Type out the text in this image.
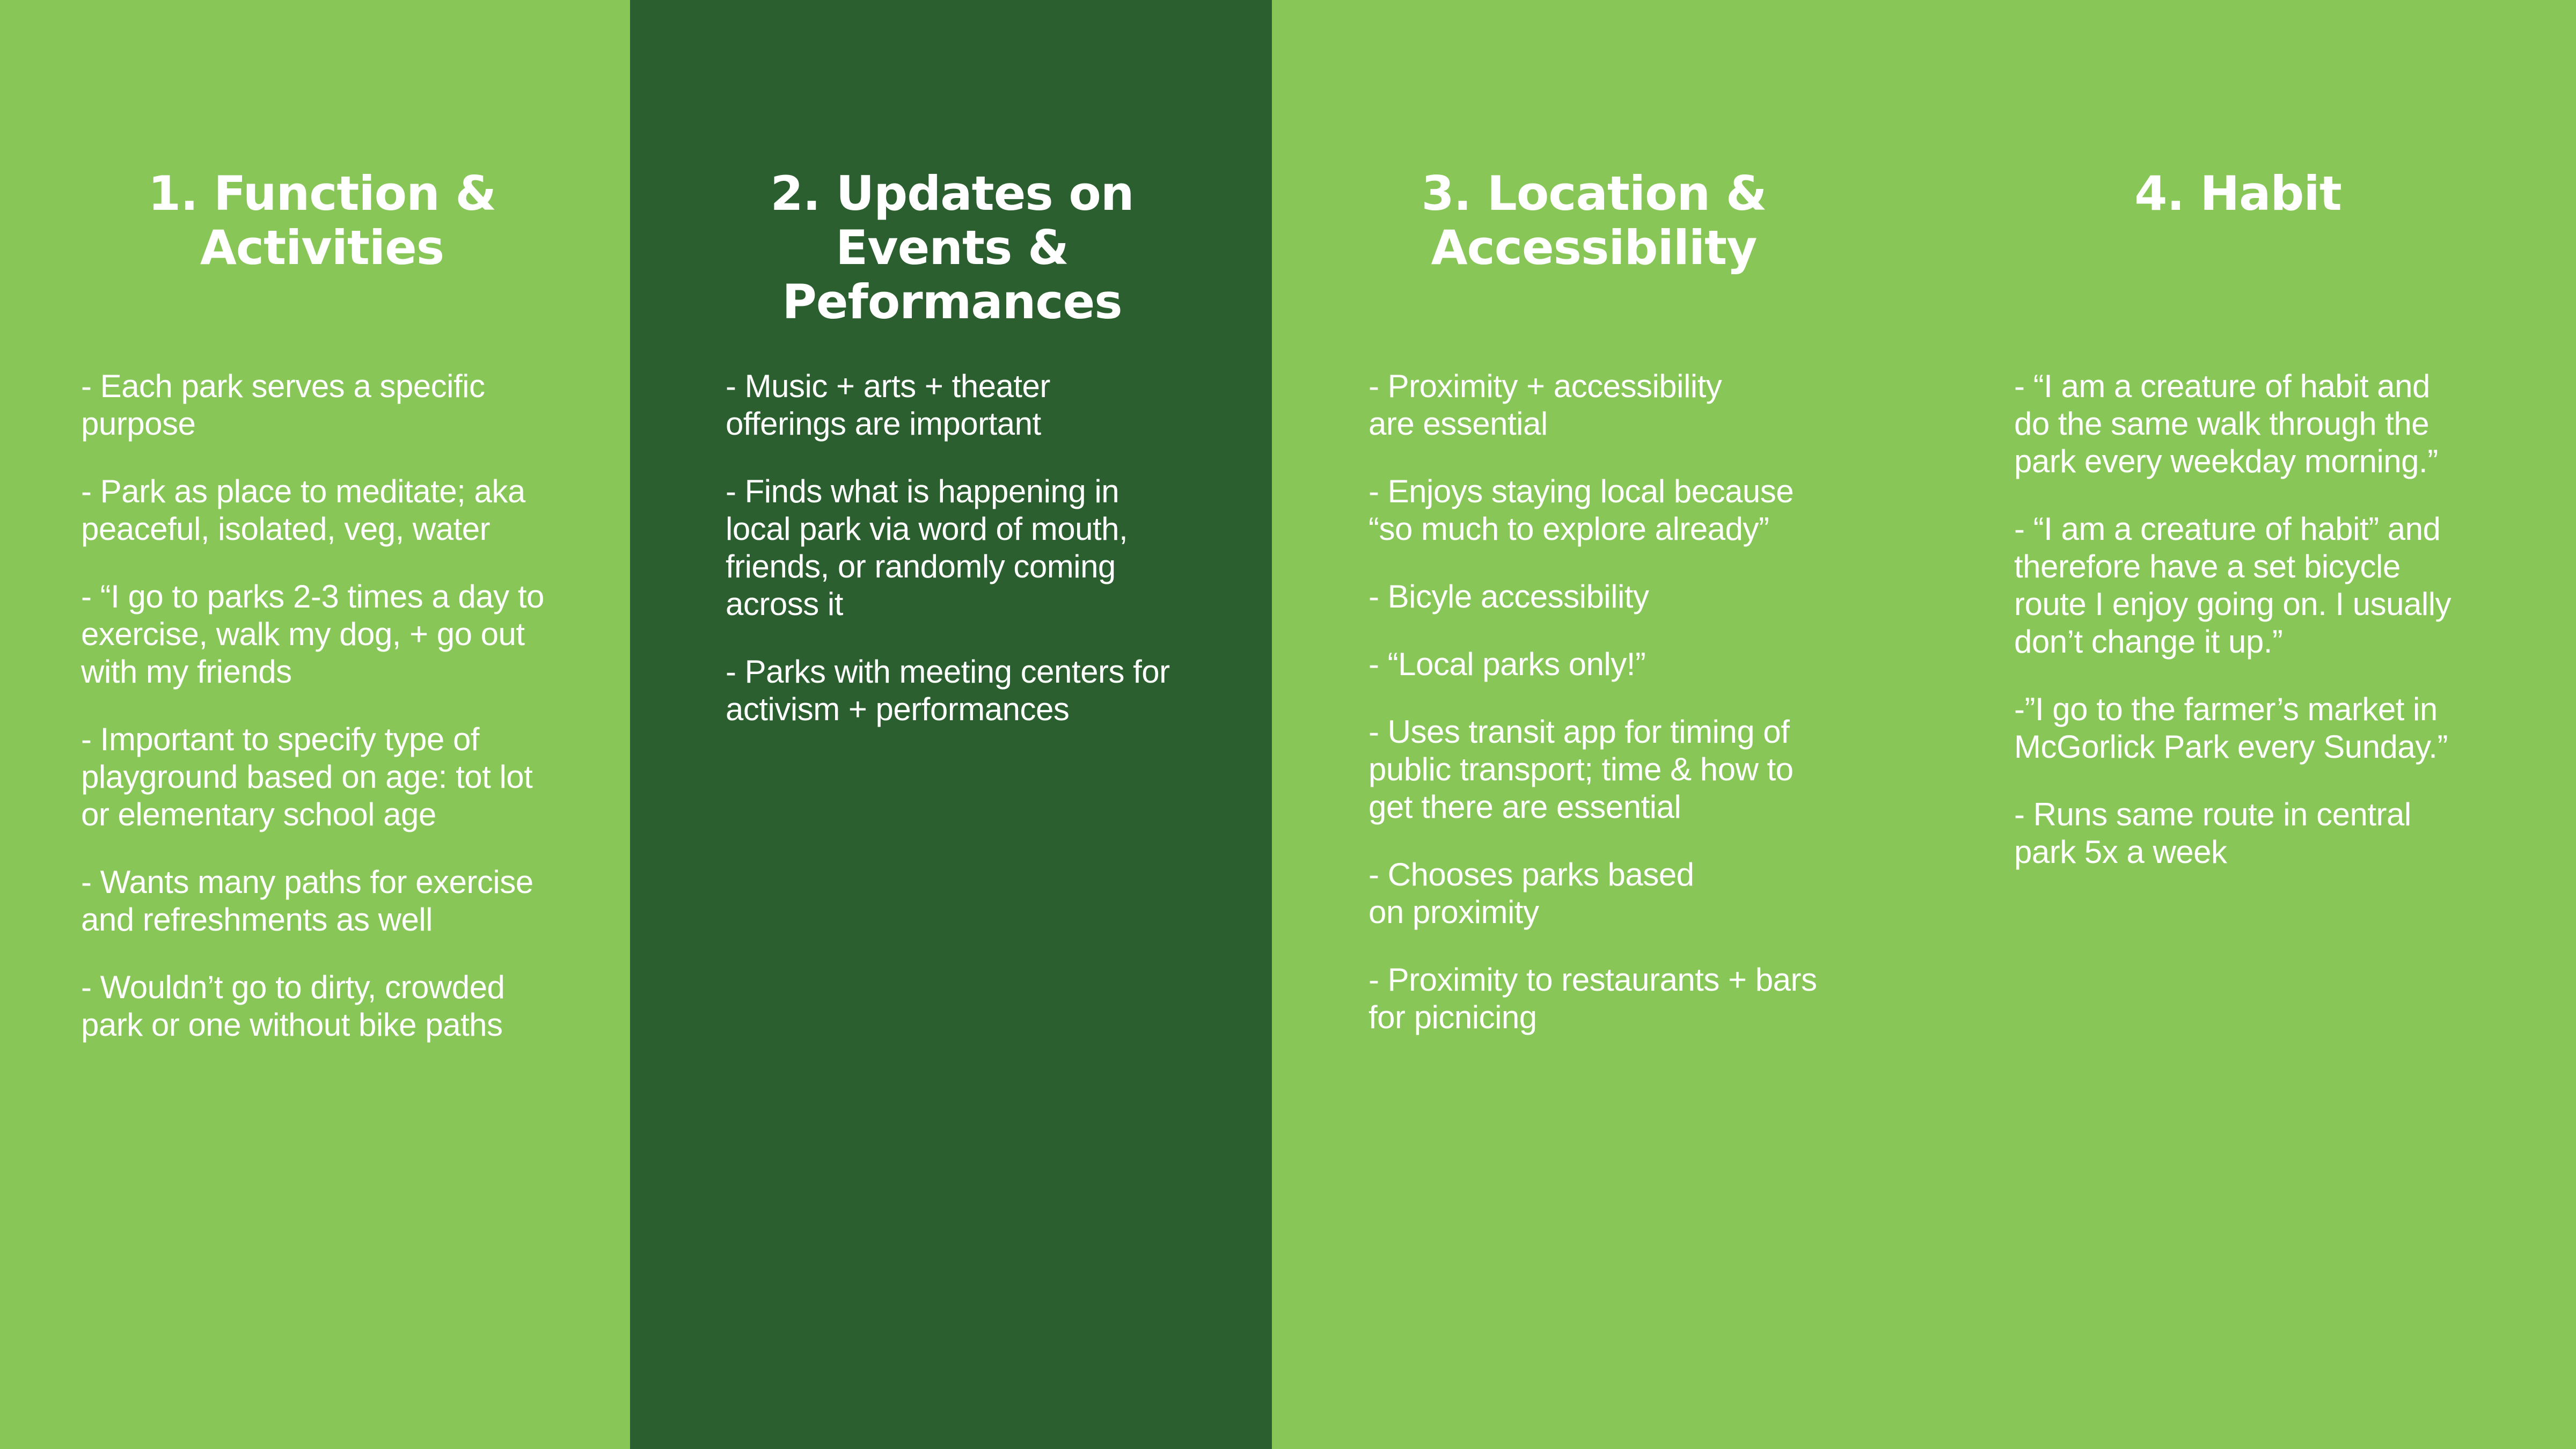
1. Function & Activities
- Each park serves a specific
purpose
- Park as place to meditate; aka
peaceful, isolated, veg, water
- “I go to parks 2-3 times a day to
exercise, walk my dog, + go out
with my friends
- Important to specify type of
playground based on age: tot lot
or elementary school age
- Wants many paths for exercise
and refreshments as well
- Wouldn’t go to dirty, crowded
park or one without bike paths
2. Updates on Events & Peformances
- Music + arts + theater
offerings are important
- Finds what is happening in
local park via word of mouth,
friends, or randomly coming
across it
- Parks with meeting centers for
activism + performances
3. Location & Accessibility
- Proximity + accessibility
are essential
- Enjoys staying local because
“so much to explore already”
- Bicyle accessibility
- “Local parks only!”
- Uses transit app for timing of
public transport; time & how to
get there are essential
- Chooses parks based
on proximity
- Proximity to restaurants + bars
for picnicing
4. Habit
- “I am a creature of habit and
do the same walk through the
park every weekday morning.”
- “I am a creature of habit” and
therefore have a set bicycle
route I enjoy going on. I usually
don’t change it up.”
-”I go to the farmer’s market in
McGorlick Park every Sunday.”
- Runs same route in central
park 5x a week
